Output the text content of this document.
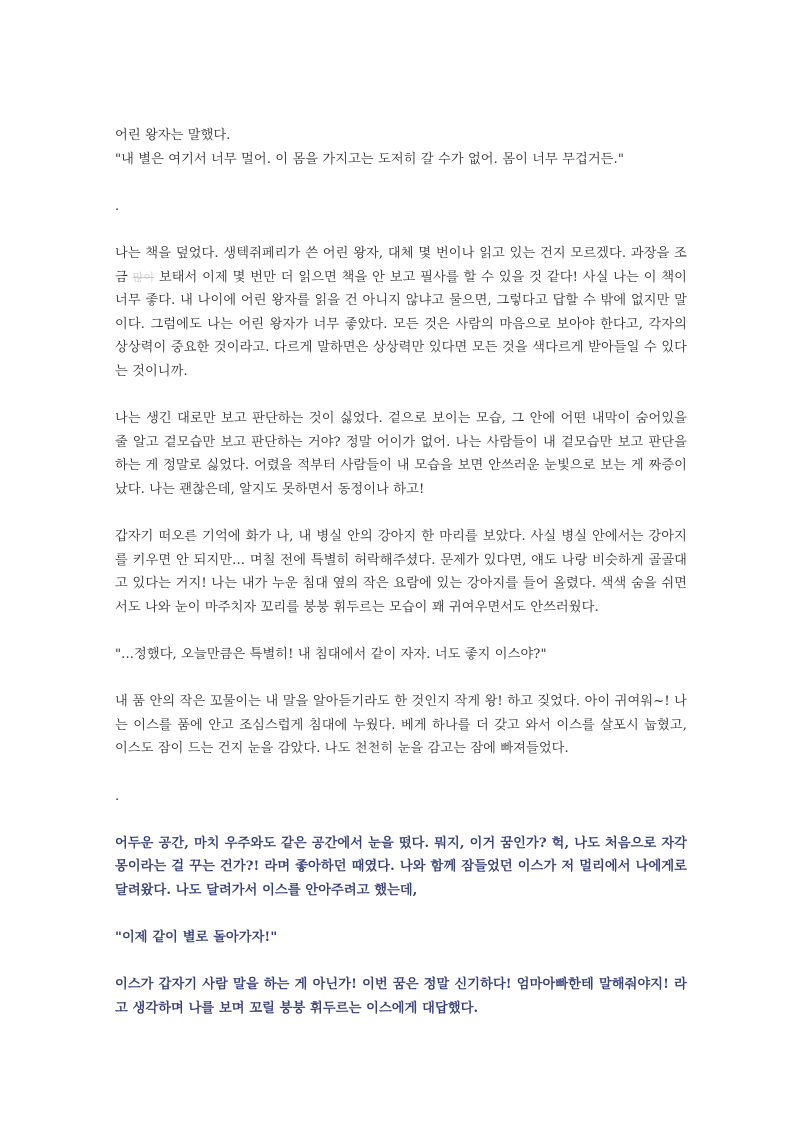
어린 왕자는 말했다.

"내 별은 여기서 너무 멀어. 이 몸을 가지고는 도저히 갈 수가 없어. 몸이 너무 무겁거든."

.

나는 책을 덮었다. 생텍쥐페리가 쓴 어린 왕자, 대체 몇 번이나 읽고 있는 건지 모르겠다. 과장을 조금 많이 보태서 이제 몇 번만 더 읽으면 책을 안 보고 필사를 할 수 있을 것 같다! 사실 나는 이 책이 너무 좋다. 내 나이에 어린 왕자를 읽을 건 아니지 않냐고 물으면, 그렇다고 답할 수 밖에 없지만 말이다. 그럼에도 나는 어린 왕자가 너무 좋았다. 모든 것은 사람의 마음으로 보아야 한다고, 각자의 상상력이 중요한 것이라고. 다르게 말하면은 상상력만 있다면 모든 것을 색다르게 받아들일 수 있다는 것이니까.

나는 생긴 대로만 보고 판단하는 것이 싫었다. 겉으로 보이는 모습, 그 안에 어떤 내막이 숨어있을 줄 알고 겉모습만 보고 판단하는 거야? 정말 어이가 없어. 나는 사람들이 내 겉모습만 보고 판단을 하는 게 정말로 싫었다. 어렸을 적부터 사람들이 내 모습을 보면 안쓰러운 눈빛으로 보는 게 짜증이 났다. 나는 괜찮은데, 알지도 못하면서 동정이나 하고!

갑자기 떠오른 기억에 화가 나, 내 병실 안의 강아지 한 마리를 보았다. 사실 병실 안에서는 강아지를 키우면 안 되지만... 며칠 전에 특별히 허락해주셨다. 문제가 있다면, 얘도 나랑 비슷하게 골골대고 있다는 거지! 나는 내가 누운 침대 옆의 작은 요람에 있는 강아지를 들어 올렸다. 색색 숨을 쉬면서도 나와 눈이 마주치자 꼬리를 붕붕 휘두르는 모습이 꽤 귀여우면서도 안쓰러웠다.

"...정했다, 오늘만큼은 특별히! 내 침대에서 같이 자자. 너도 좋지 이스야?"

내 품 안의 작은 꼬물이는 내 말을 알아듣기라도 한 것인지 작게 왕! 하고 짖었다. 아이 귀여워~! 나는 이스를 품에 안고 조심스럽게 침대에 누웠다. 베게 하나를 더 갖고 와서 이스를 살포시 눕혔고, 이스도 잠이 드는 건지 눈을 감았다. 나도 천천히 눈을 감고는 잠에 빠져들었다.

.

어두운 공간, 마치 우주와도 같은 공간에서 눈을 떴다. 뭐지, 이거 꿈인가? 헉, 나도 처음으로 자각몽이라는 걸 꾸는 건가?! 라며 좋아하던 때였다. 나와 함께 잠들었던 이스가 저 멀리에서 나에게로 달려왔다. 나도 달려가서 이스를 안아주려고 했는데,

"이제 같이 별로 돌아가자!"

이스가 갑자기 사람 말을 하는 게 아닌가! 이번 꿈은 정말 신기하다! 엄마아빠한테 말해줘야지! 라고 생각하며 나를 보며 꼬릴 붕붕 휘두르는 이스에게 대답했다.
